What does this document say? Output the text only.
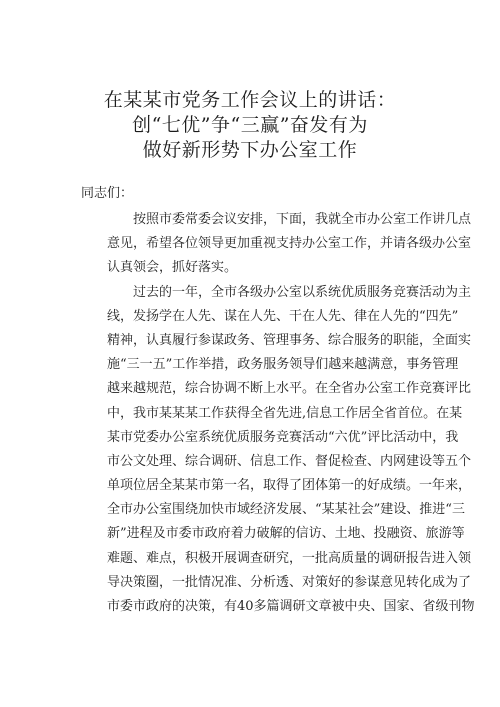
在某某市党务工作会议上的讲话：
创“七优”争“三赢”奋发有为
做好新形势下办公室工作
同志们：
按照市委常委会议安排，下面，我就全市办公室工作讲几点
意见，希望各位领导更加重视支持办公室工作，并请各级办公室
认真领会，抓好落实。
过去的一年，全市各级办公室以系统优质服务竞赛活动为主
线，发扬学在人先、谋在人先、干在人先、律在人先的“四先”
精神，认真履行参谋政务、管理事务、综合服务的职能，全面实
施“三一五”工作举措，政务服务领导们越来越满意，事务管理
越来越规范，综合协调不断上水平。在全省办公室工作竞赛评比
中，我市某某某工作获得全省先进,信息工作居全省首位。在某
某市党委办公室系统优质服务竞赛活动“六优”评比活动中，我
市公文处理、综合调研、信息工作、督促检查、内网建设等五个
单项位居全某某市第一名，取得了团体第一的好成绩。一年来，
全市办公室围绕加快市域经济发展、“某某社会”建设、推进“三
新”进程及市委市政府着力破解的信访、土地、投融资、旅游等
难题、难点，积极开展调查研究，一批高质量的调研报告进入领
导决策圈，一批情况准、分析透、对策好的参谋意见转化成为了
市委市政府的决策，有40多篇调研文章被中央、国家、省级刊物
